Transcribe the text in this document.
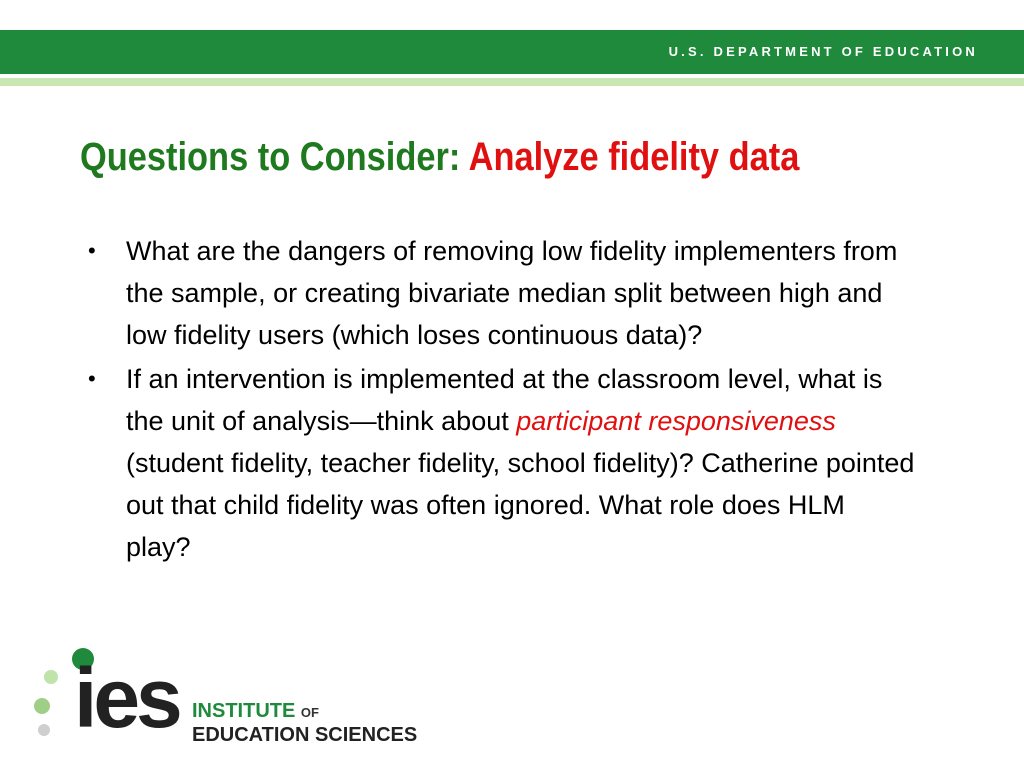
U.S. DEPARTMENT OF EDUCATION
Questions to Consider: Analyze fidelity data
• What are the dangers of removing low fidelity implementers from the sample, or creating bivariate median split between high and low fidelity users (which loses continuous data)?
• If an intervention is implemented at the classroom level, what is the unit of analysis—think about participant responsiveness (student fidelity, teacher fidelity, school fidelity)? Catherine pointed out that child fidelity was often ignored. What role does HLM play?
ies INSTITUTE OF
EDUCATION SCIENCES
